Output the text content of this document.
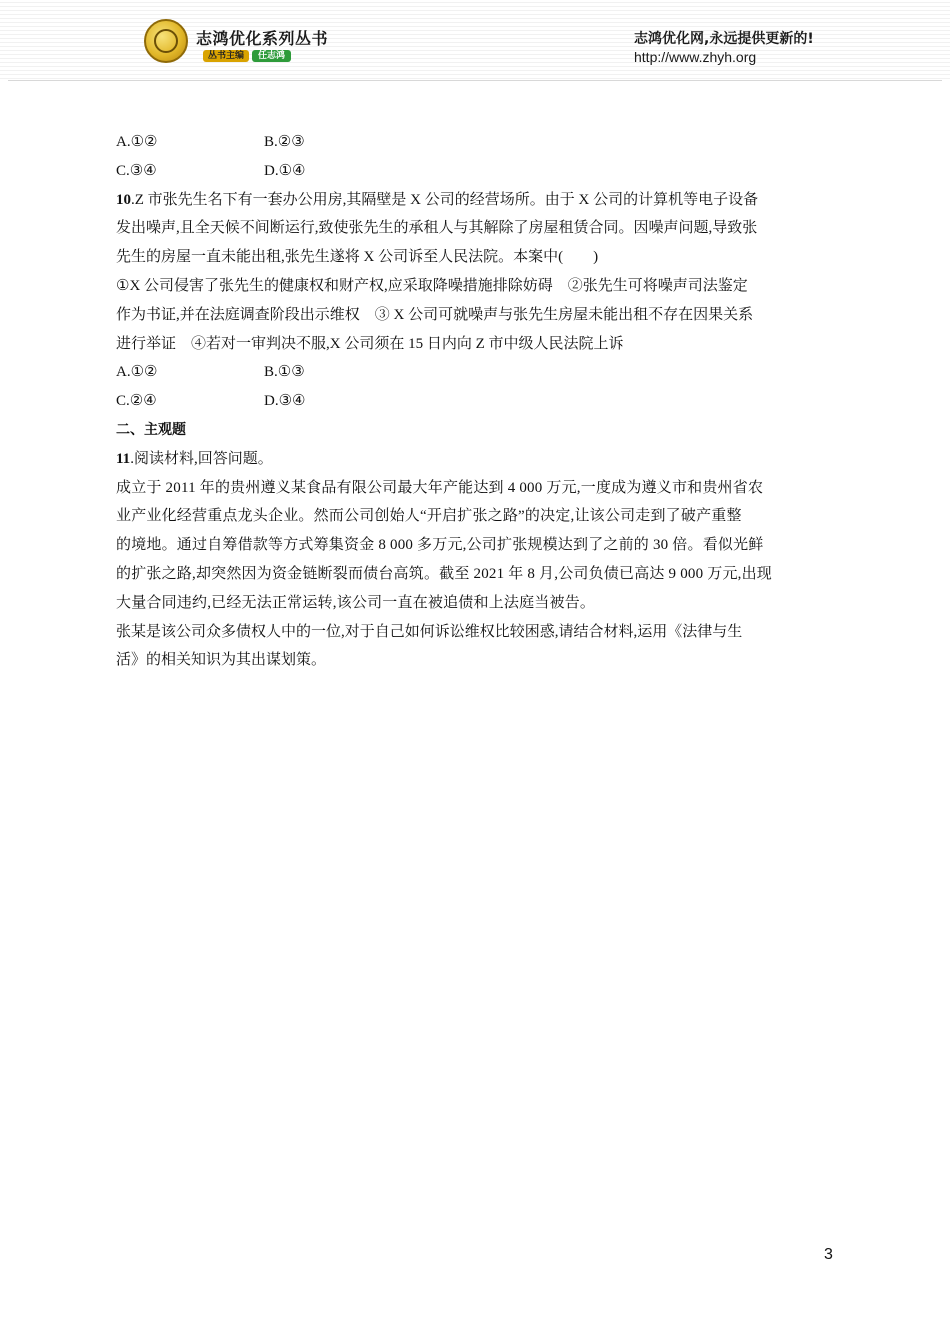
志鸿优化系列丛书
丛书主编 任志鸿
志鸿优化网,永远提供更新的!
http://www.zhyh.org
A.①②	B.②③
C.③④	D.①④
10.Z 市张先生名下有一套办公用房,其隔壁是 X 公司的经营场所。由于 X 公司的计算机等电子设备
发出噪声,且全天候不间断运行,致使张先生的承租人与其解除了房屋租赁合同。因噪声问题,导致张
先生的房屋一直未能出租,张先生遂将 X 公司诉至人民法院。本案中(　　)
①X 公司侵害了张先生的健康权和财产权,应采取降噪措施排除妨碍　②张先生可将噪声司法鉴定
作为书证,并在法庭调查阶段出示维权　③ X 公司可就噪声与张先生房屋未能出租不存在因果关系
进行举证　④若对一审判决不服,X 公司须在 15 日内向 Z 市中级人民法院上诉
A.①②	B.①③
C.②④	D.③④
二、主观题
11.阅读材料,回答问题。
成立于 2011 年的贵州遵义某食品有限公司最大年产能达到 4 000 万元,一度成为遵义市和贵州省农
业产业化经营重点龙头企业。然而公司创始人“开启扩张之路”的决定,让该公司走到了破产重整
的境地。通过自筹借款等方式筹集资金 8 000 多万元,公司扩张规模达到了之前的 30 倍。看似光鲜
的扩张之路,却突然因为资金链断裂而债台高筑。截至 2021 年 8 月,公司负债已高达 9 000 万元,出现
大量合同违约,已经无法正常运转,该公司一直在被追债和上法庭当被告。
张某是该公司众多债权人中的一位,对于自己如何诉讼维权比较困惑,请结合材料,运用《法律与生
活》的相关知识为其出谋划策。
3
